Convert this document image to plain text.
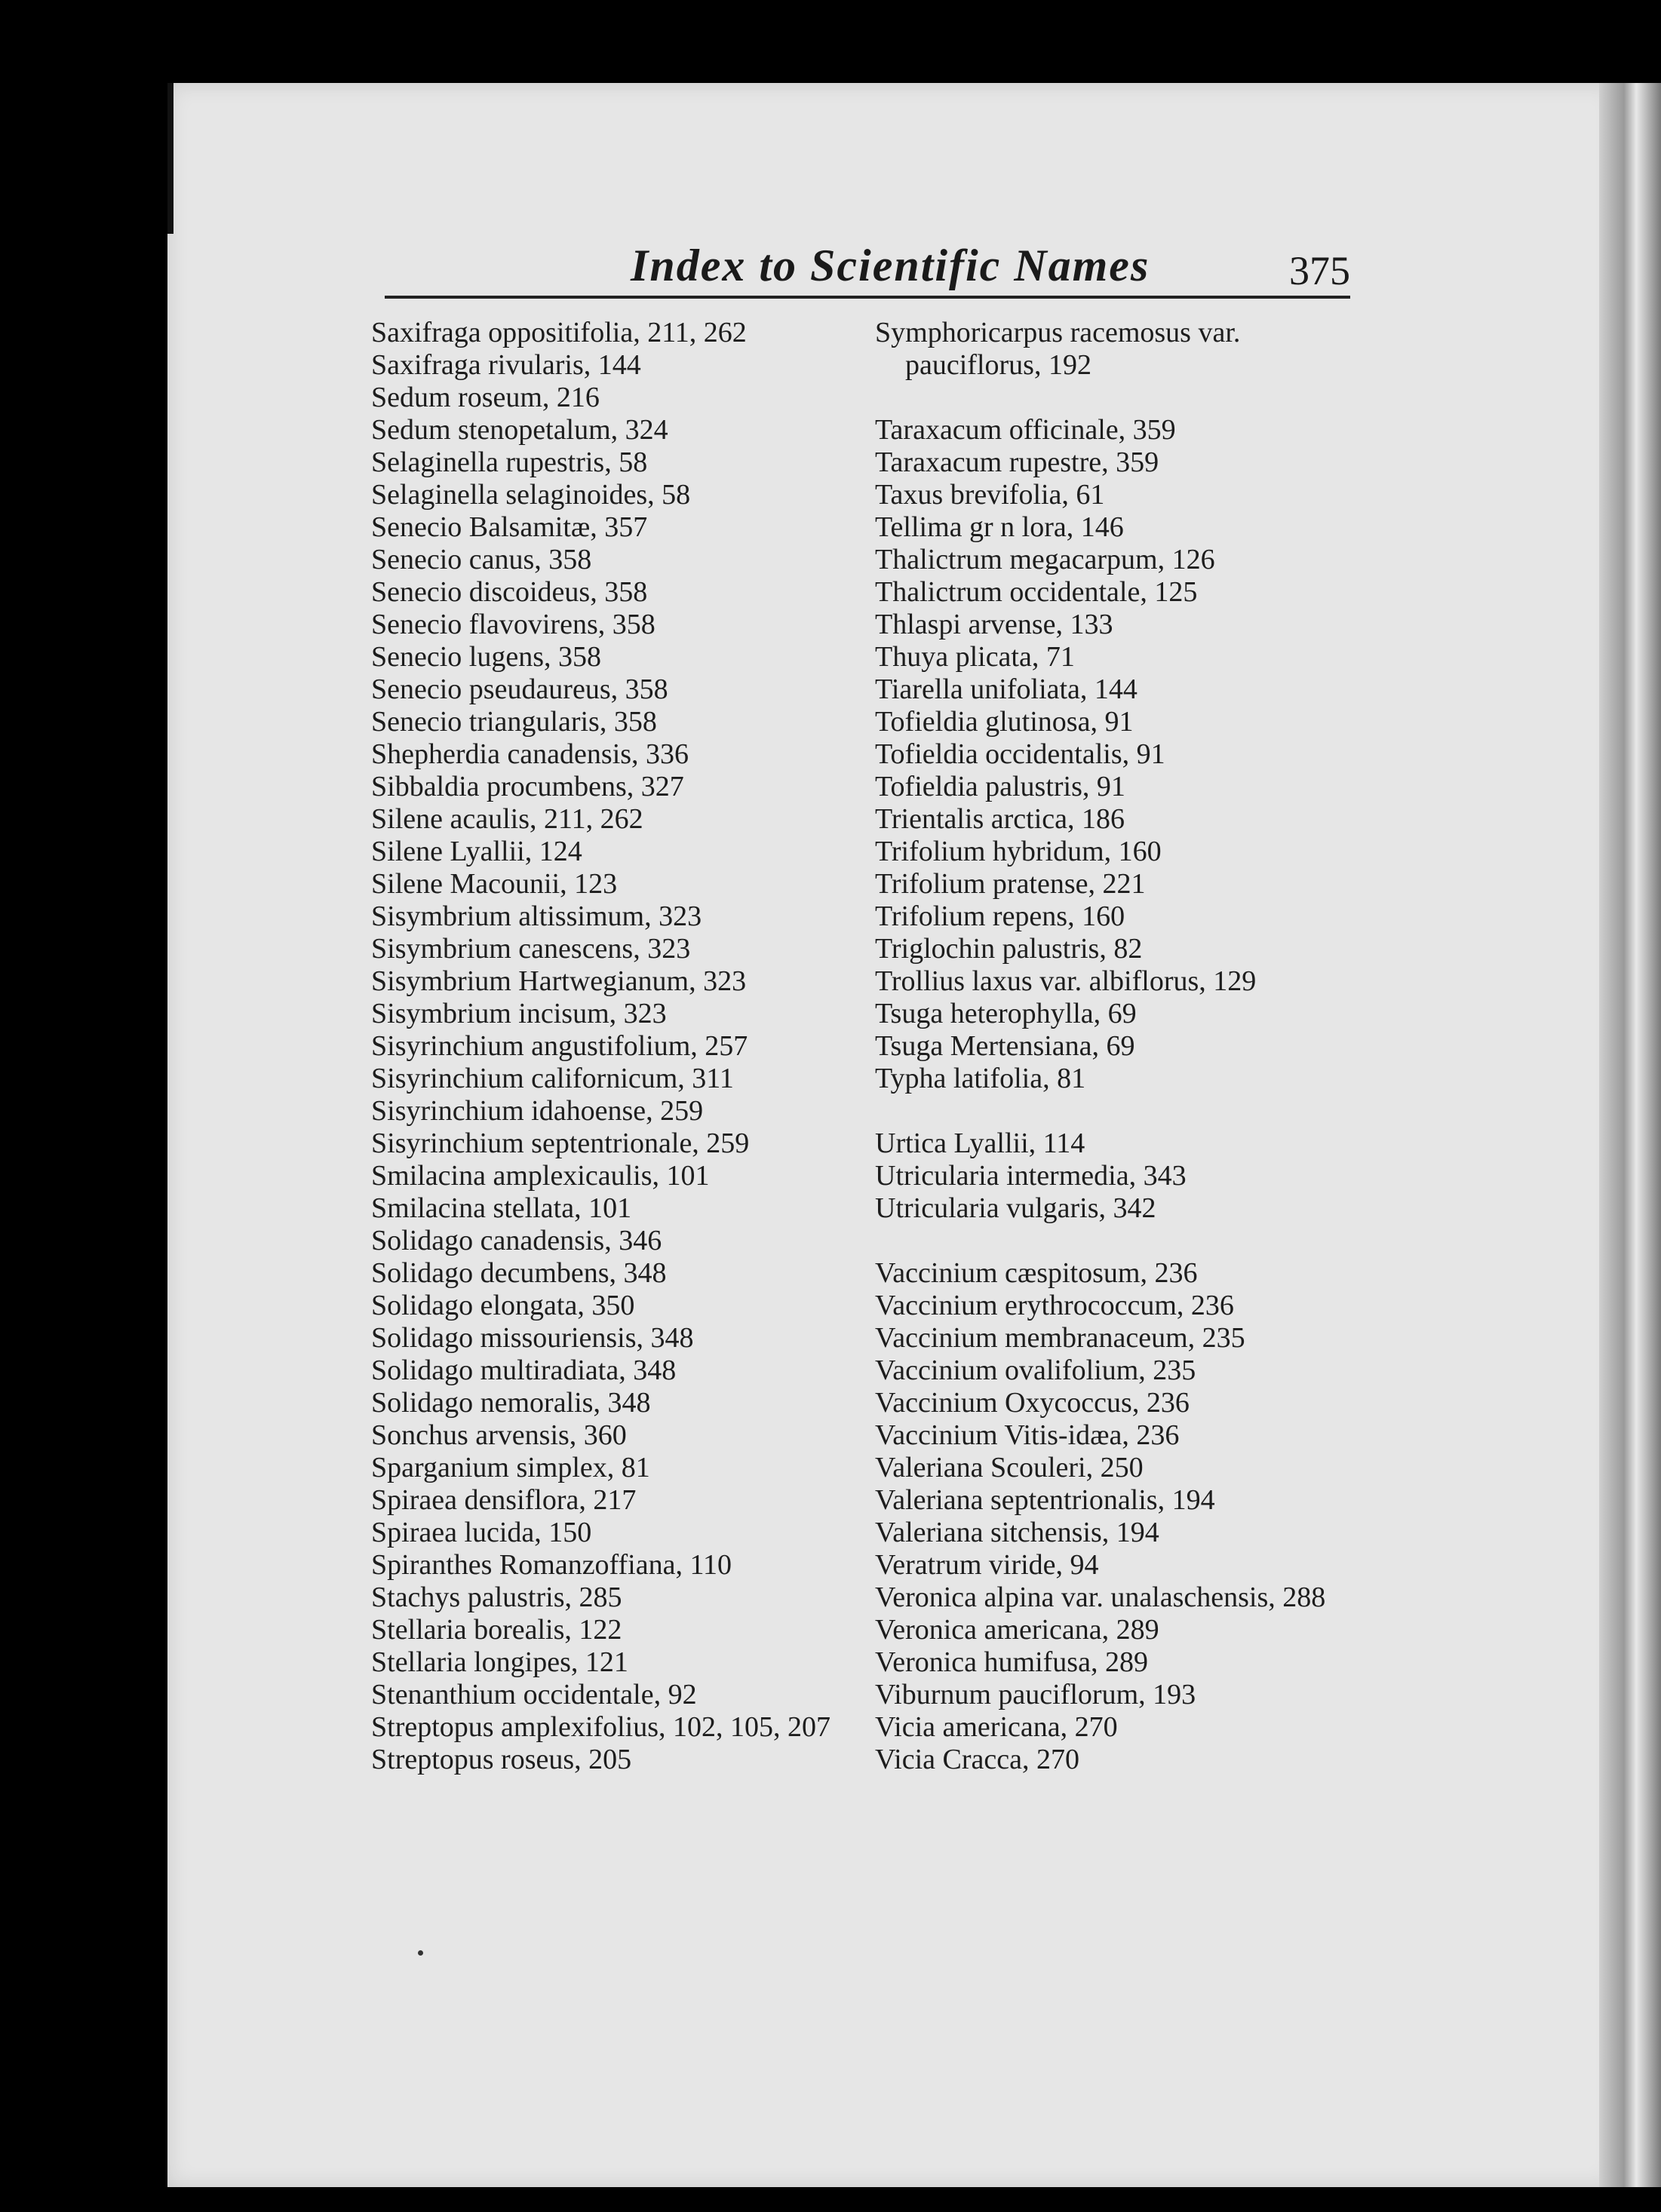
Index to Scientific Names	375
Saxifraga oppositifolia, 211, 262
Saxifraga rivularis, 144
Sedum roseum, 216
Sedum stenopetalum, 324
Selaginella rupestris, 58
Selaginella selaginoides, 58
Senecio Balsamitæ, 357
Senecio canus, 358
Senecio discoideus, 358
Senecio flavovirens, 358
Senecio lugens, 358
Senecio pseudaureus, 358
Senecio triangularis, 358
Shepherdia canadensis, 336
Sibbaldia procumbens, 327
Silene acaulis, 211, 262
Silene Lyallii, 124
Silene Macounii, 123
Sisymbrium altissimum, 323
Sisymbrium canescens, 323
Sisymbrium Hartwegianum, 323
Sisymbrium incisum, 323
Sisyrinchium angustifolium, 257
Sisyrinchium californicum, 311
Sisyrinchium idahoense, 259
Sisyrinchium septentrionale, 259
Smilacina amplexicaulis, 101
Smilacina stellata, 101
Solidago canadensis, 346
Solidago decumbens, 348
Solidago elongata, 350
Solidago missouriensis, 348
Solidago multiradiata, 348
Solidago nemoralis, 348
Sonchus arvensis, 360
Sparganium simplex, 81
Spiraea densiflora, 217
Spiraea lucida, 150
Spiranthes Romanzoffiana, 110
Stachys palustris, 285
Stellaria borealis, 122
Stellaria longipes, 121
Stenanthium occidentale, 92
Streptopus amplexifolius, 102, 105, 207
Streptopus roseus, 205
Symphoricarpus racemosus var. pauciflorus, 192
Taraxacum officinale, 359
Taraxacum rupestre, 359
Taxus brevifolia, 61
Tellima gr n lora, 146
Thalictrum megacarpum, 126
Thalictrum occidentale, 125
Thlaspi arvense, 133
Thuya plicata, 71
Tiarella unifoliata, 144
Tofieldia glutinosa, 91
Tofieldia occidentalis, 91
Tofieldia palustris, 91
Trientalis arctica, 186
Trifolium hybridum, 160
Trifolium pratense, 221
Trifolium repens, 160
Triglochin palustris, 82
Trollius laxus var. albiflorus, 129
Tsuga heterophylla, 69
Tsuga Mertensiana, 69
Typha latifolia, 81
Urtica Lyallii, 114
Utricularia intermedia, 343
Utricularia vulgaris, 342
Vaccinium cæspitosum, 236
Vaccinium erythrococcum, 236
Vaccinium membranaceum, 235
Vaccinium ovalifolium, 235
Vaccinium Oxycoccus, 236
Vaccinium Vitis-idæa, 236
Valeriana Scouleri, 250
Valeriana septentrionalis, 194
Valeriana sitchensis, 194
Veratrum viride, 94
Veronica alpina var. unalaschensis, 288
Veronica americana, 289
Veronica humifusa, 289
Viburnum pauciflorum, 193
Vicia americana, 270
Vicia Cracca, 270
